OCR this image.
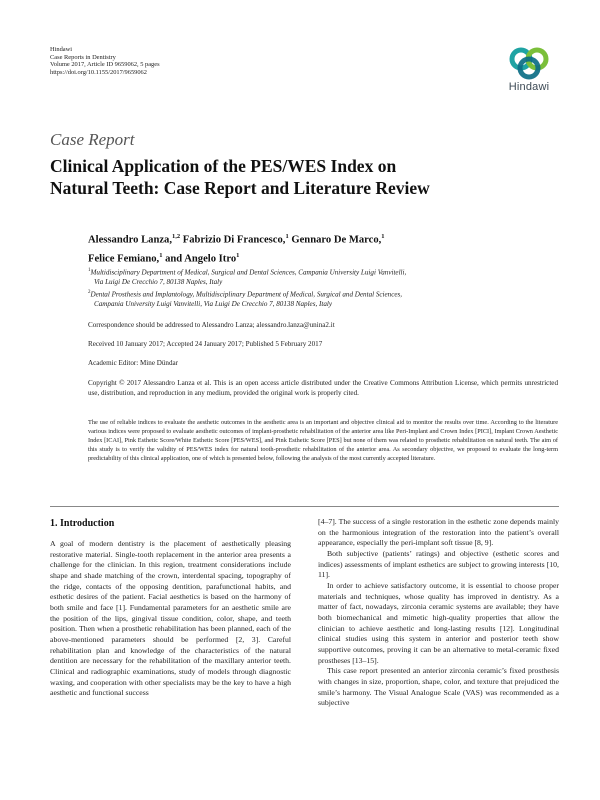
Hindawi
Case Reports in Dentistry
Volume 2017, Article ID 9659062, 5 pages
https://doi.org/10.1155/2017/9659062
Hindawi
Case Report
Clinical Application of the PES/WES Index on
Natural Teeth: Case Report and Literature Review
Alessandro Lanza,$^{1,2}$ Fabrizio Di Francesco,$^1$ Gennaro De Marco,$^1$
Felice Femiano,$^1$ and Angelo Itro$^1$
$^1$Multidisciplinary Department of Medical, Surgical and Dental Sciences, Campania University Luigi Vanvitelli,
Via Luigi De Crecchio 7, 80138 Naples, Italy
$^2$Dental Prosthesis and Implantology, Multidisciplinary Department of Medical, Surgical and Dental Sciences,
Campania University Luigi Vanvitelli, Via Luigi De Crecchio 7, 80138 Naples, Italy
Correspondence should be addressed to Alessandro Lanza; alessandro.lanza@unina2.it
Received 10 January 2017; Accepted 24 January 2017; Published 5 February 2017
Academic Editor: Mine Dündar
Copyright © 2017 Alessandro Lanza et al. This is an open access article distributed under the Creative Commons Attribution License, which permits unrestricted use, distribution, and reproduction in any medium, provided the original work is properly cited.
The use of reliable indices to evaluate the aesthetic outcomes in the aesthetic area is an important and objective clinical aid to monitor the results over time. According to the literature various indices were proposed to evaluate aesthetic outcomes of implant-prosthetic rehabilitation of the anterior area like Peri-Implant and Crown Index [PICI], Implant Crown Aesthetic Index [ICAI], Pink Esthetic Score/White Esthetic Score [PES/WES], and Pink Esthetic Score [PES] but none of them was related to prosthetic rehabilitation on natural teeth. The aim of this study is to verify the validity of PES/WES index for natural tooth-prosthetic rehabilitation of the anterior area. As secondary objective, we proposed to evaluate the long-term predictability of this clinical application, one of which is presented below, following the analysis of the most currently accepted literature.
1. Introduction

A goal of modern dentistry is the placement of aesthetically pleasing restorative material. Single-tooth replacement in the anterior area presents a challenge for the clinician. In this region, treatment considerations include shape and shade matching of the crown, interdental spacing, topography of the ridge, contacts of the opposing dentition, parafunctional habits, and esthetic desires of the patient. Facial aesthetics is based on the harmony of both smile and face [1]. Fundamental parameters for an aesthetic smile are the position of the lips, gingival tissue condition, color, shape, and teeth position. Then when a prosthetic rehabilitation has been planned, each of the above-mentioned parameters should be performed [2, 3]. Careful rehabilitation plan and knowledge of the characteristics of the natural dentition are necessary for the rehabilitation of the maxillary anterior teeth. Clinical and radiographic examinations, study of models through diagnostic waxing, and cooperation with other specialists may be the key to have a high aesthetic and functional success

[4–7]. The success of a single restoration in the esthetic zone depends mainly on the harmonious integration of the restoration into the patient’s overall appearance, especially the peri-implant soft tissue [8, 9].

Both subjective (patients’ ratings) and objective (esthetic scores and indices) assessments of implant esthetics are subject to growing interests [10, 11].

In order to achieve satisfactory outcome, it is essential to choose proper materials and techniques, whose quality has improved in dentistry. As a matter of fact, nowadays, zirconia ceramic systems are available; they have both biomechanical and mimetic high-quality properties that allow the clinician to achieve aesthetic and long-lasting results [12]. Longitudinal clinical studies using this system in anterior and posterior teeth show supportive outcomes, proving it can be an alternative to metal-ceramic fixed prostheses [13–15].

This case report presented an anterior zirconia ceramic’s fixed prosthesis with changes in size, proportion, shape, color, and texture that prejudiced the smile’s harmony. The Visual Analogue Scale (VAS) was recommended as a subjective
